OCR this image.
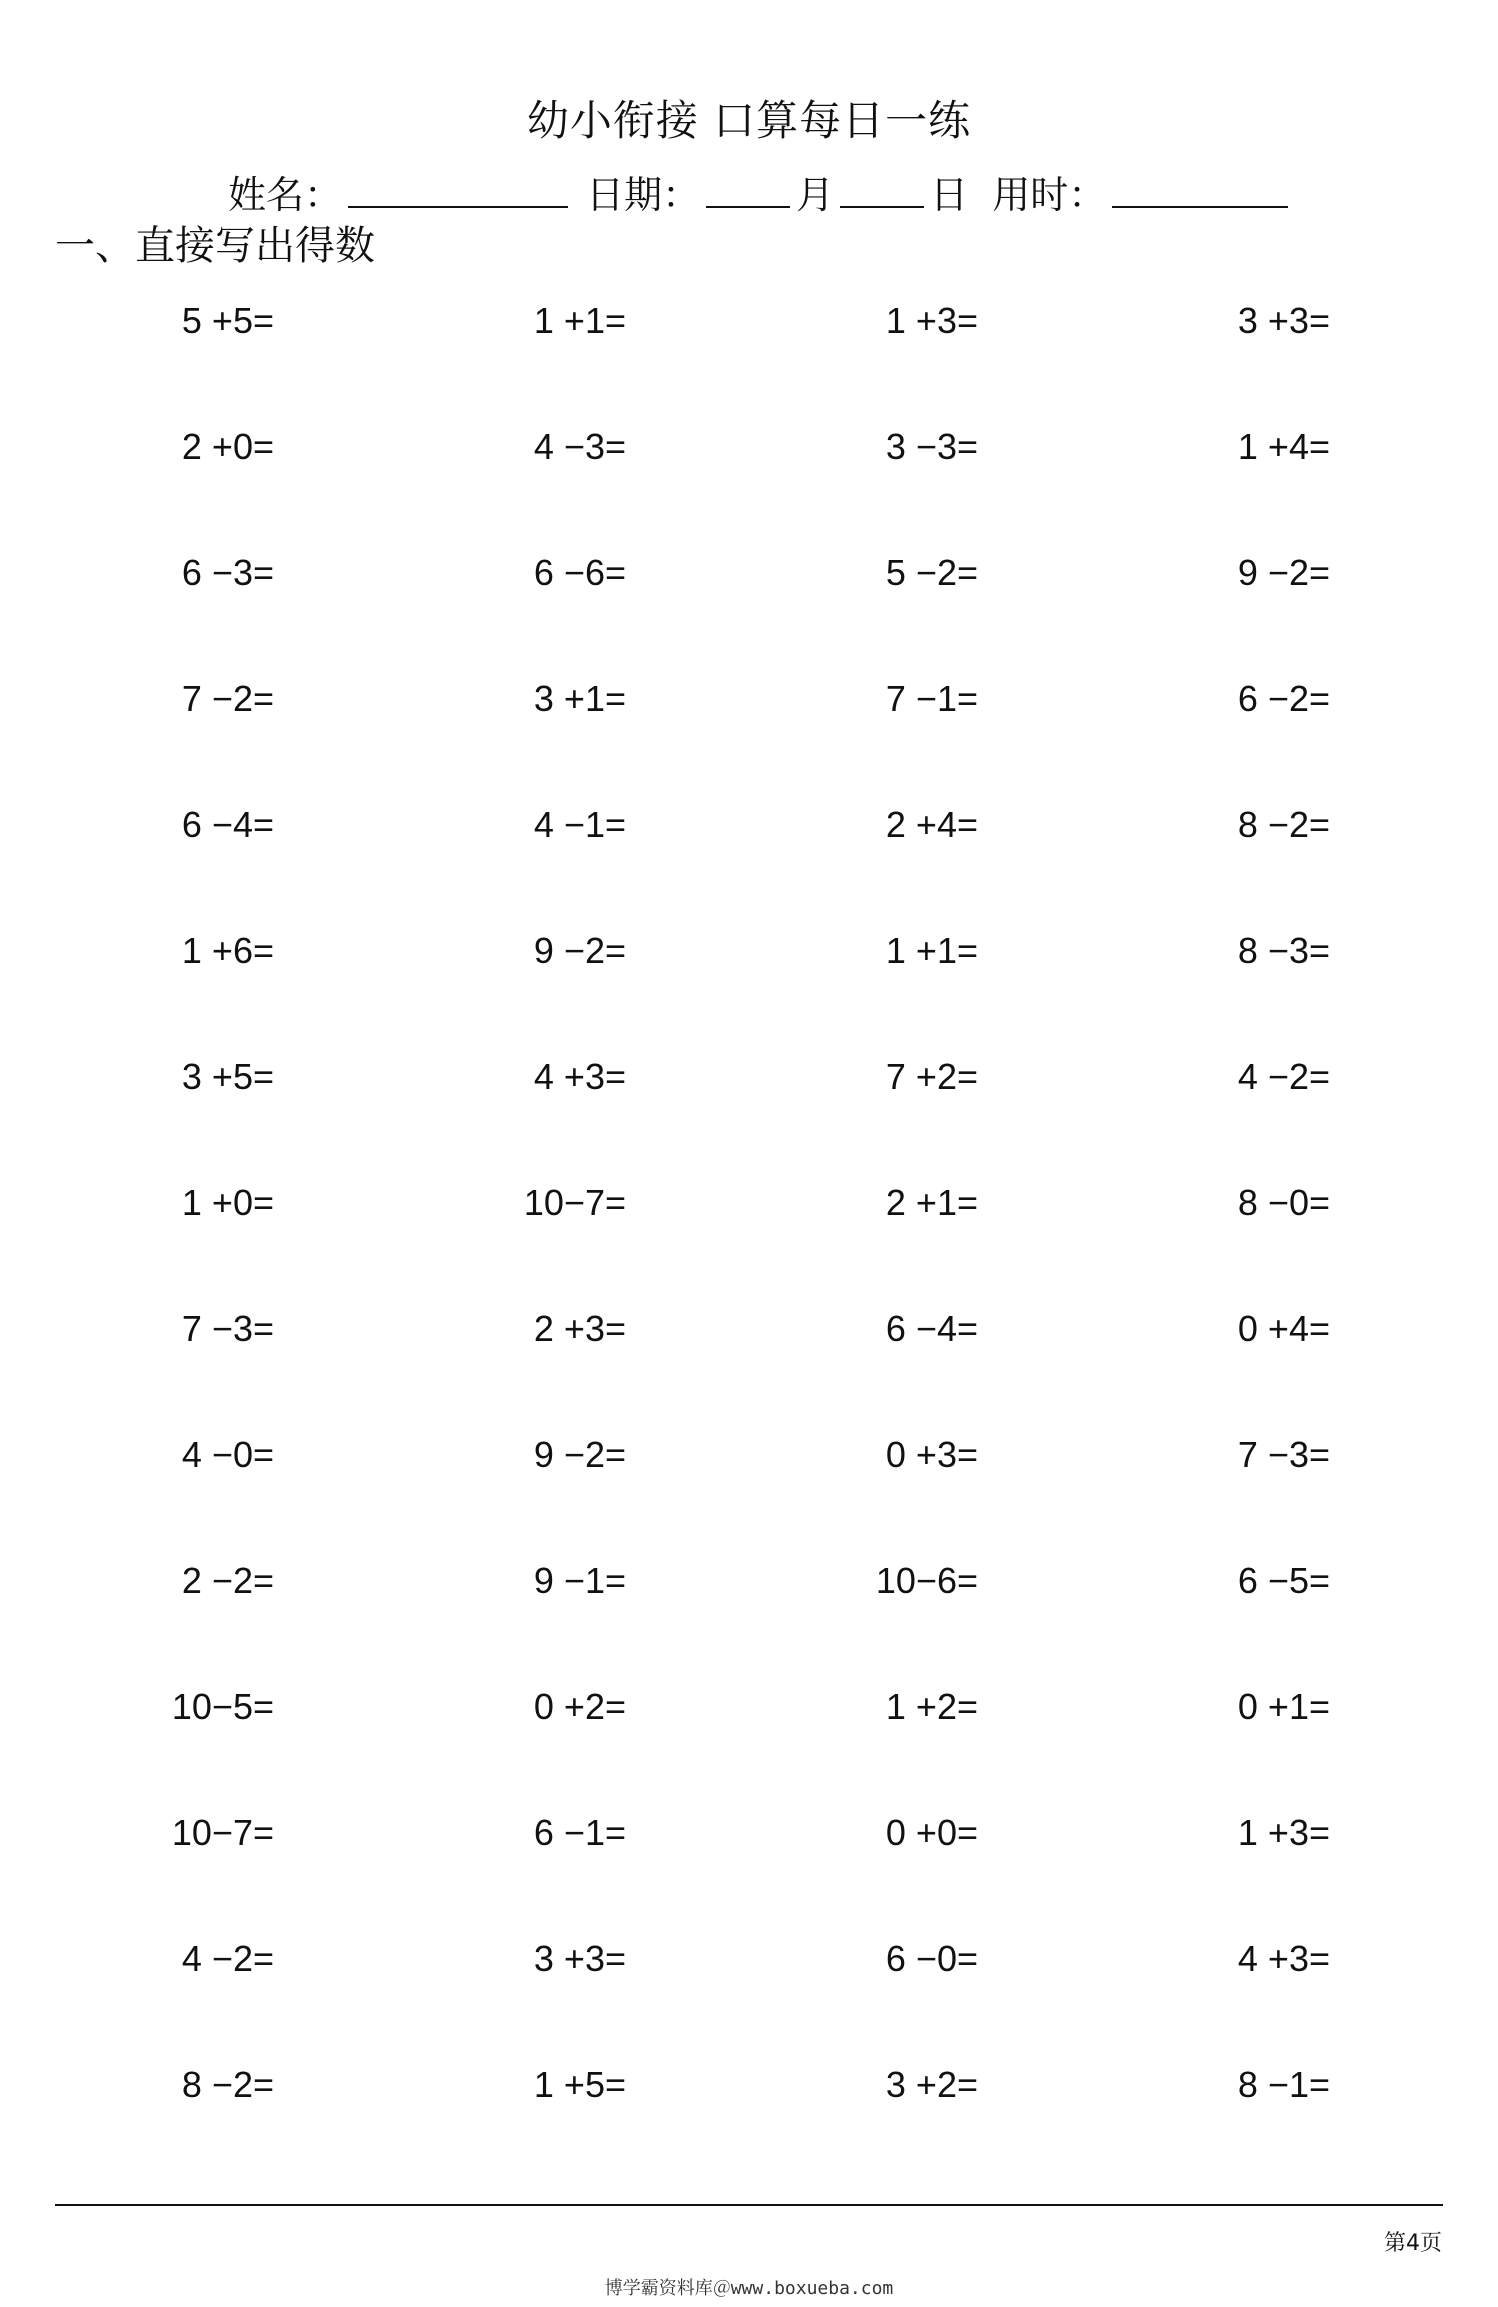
幼小衔接 口算每日一练
姓名：	日期：	月	日 用时：
一、直接写出得数
5 +5=	1 +1=	1 +3=	3 +3=
2 +0=	4 −3=	3 −3=	1 +4=
6 −3=	6 −6=	5 −2=	9 −2=
7 −2=	3 +1=	7 −1=	6 −2=
6 −4=	4 −1=	2 +4=	8 −2=
1 +6=	9 −2=	1 +1=	8 −3=
3 +5=	4 +3=	7 +2=	4 −2=
1 +0=	10−7=	2 +1=	8 −0=
7 −3=	2 +3=	6 −4=	0 +4=
4 −0=	9 −2=	0 +3=	7 −3=
2 −2=	9 −1=	10−6=	6 −5=
10−5=	0 +2=	1 +2=	0 +1=
10−7=	6 −1=	0 +0=	1 +3=
4 −2=	3 +3=	6 −0=	4 +3=
8 −2=	1 +5=	3 +2=	8 −1=
第4页
博学霸资料库＠www.boxueba.com
